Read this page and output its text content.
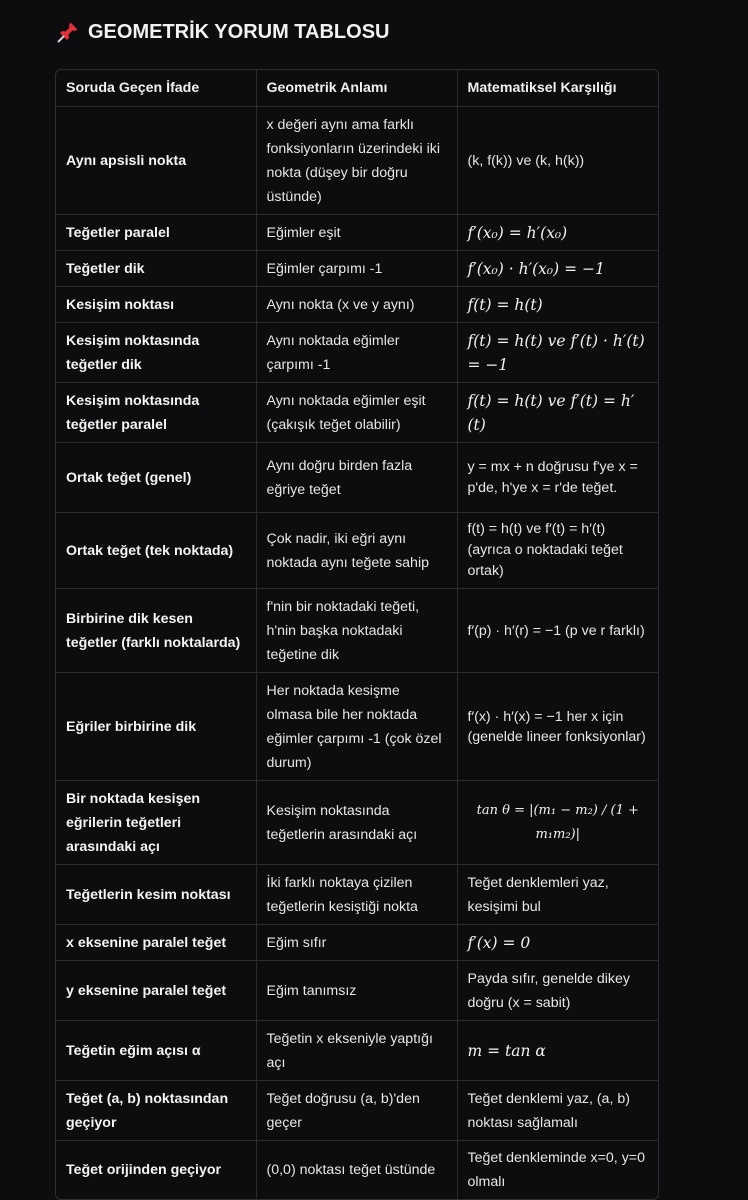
GEOMETRİK YORUM TABLOSU
Soruda Geçen İfade	Geometrik Anlamı	Matematiksel Karşılığı
Aynı apsisli nokta	x değeri aynı ama farklı fonksiyonların üzerindeki iki nokta (düşey bir doğru üstünde)	(k, f(k)) ve (k, h(k))
Teğetler paralel	Eğimler eşit	f′(x₀) = h′(x₀)
Teğetler dik	Eğimler çarpımı -1	f′(x₀) · h′(x₀) = −1
Kesişim noktası	Aynı nokta (x ve y aynı)	f(t) = h(t)
Kesişim noktasında teğetler dik	Aynı noktada eğimler çarpımı -1	f(t) = h(t) ve f′(t) · h′(t) = −1
Kesişim noktasında teğetler paralel	Aynı noktada eğimler eşit (çakışık teğet olabilir)	f(t) = h(t) ve f′(t) = h′(t)
Ortak teğet (genel)	Aynı doğru birden fazla eğriye teğet	y = mx + n doğrusu f'ye x = p'de, h'ye x = r'de teğet.
Ortak teğet (tek noktada)	Çok nadir, iki eğri aynı noktada aynı teğete sahip	f(t) = h(t) ve f′(t) = h′(t) (ayrıca o noktadaki teğet ortak)
Birbirine dik kesen teğetler (farklı noktalarda)	f'nin bir noktadaki teğeti, h'nin başka noktadaki teğetine dik	f′(p) · h′(r) = −1 (p ve r farklı)
Eğriler birbirine dik	Her noktada kesişme olmasa bile her noktada eğimler çarpımı -1 (çok özel durum)	f′(x) · h′(x) = −1 her x için (genelde lineer fonksiyonlar)
Bir noktada kesişen eğrilerin teğetleri arasındaki açı	Kesişim noktasında teğetlerin arasındaki açı	tan θ = |(m₁ − m₂) / (1 + m₁m₂)|
Teğetlerin kesim noktası	İki farklı noktaya çizilen teğetlerin kesiştiği nokta	Teğet denklemleri yaz, kesişimi bul
x eksenine paralel teğet	Eğim sıfır	f′(x) = 0
y eksenine paralel teğet	Eğim tanımsız	Payda sıfır, genelde dikey doğru (x = sabit)
Teğetin eğim açısı α	Teğetin x ekseniyle yaptığı açı	m = tan α
Teğet (a, b) noktasından geçiyor	Teğet doğrusu (a, b)'den geçer	Teğet denklemi yaz, (a, b) noktası sağlamalı
Teğet orijinden geçiyor	(0,0) noktası teğet üstünde	Teğet denkleminde x=0, y=0 olmalı
